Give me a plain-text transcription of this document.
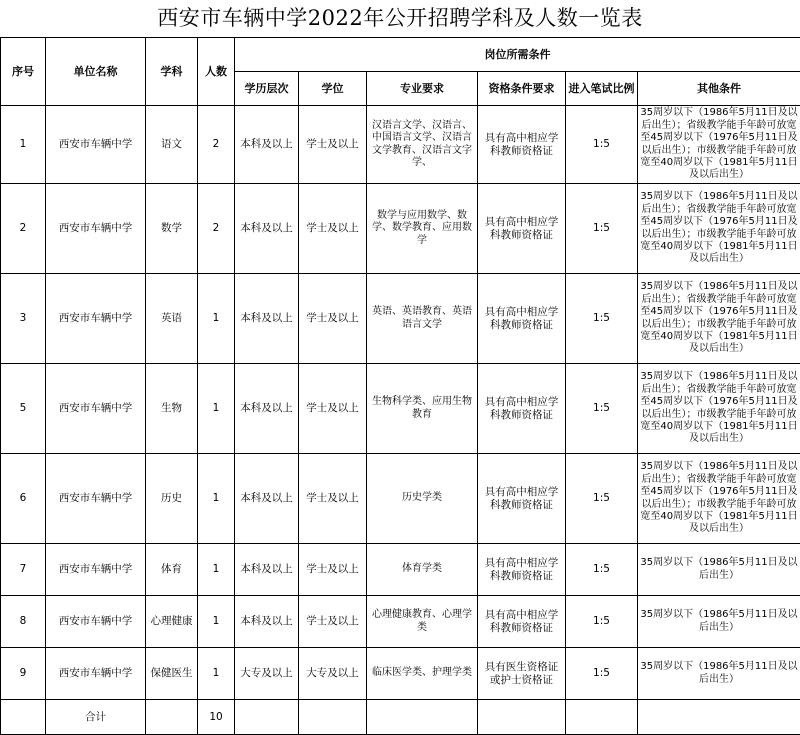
西安市车辆中学2022年公开招聘学科及人数一览表
序号	单位名称	学科	人数	岗位所需条件					
				学历层次	学位	专业要求	资格条件要求	进入笔试比例	其他条件
1	西安市车辆中学	语文	2	本科及以上	学士及以上	汉语言文学、汉语言、中国语言文学、汉语言文学教育、汉语言文字学、	具有高中相应学科教师资格证	1:5	35周岁以下（1986年5月11日及以后出生）；省级教学能手年龄可放宽至45周岁以下（1976年5月11日及以后出生）；市级教学能手年龄可放宽至40周岁以下（1981年5月11日及以后出生）
2	西安市车辆中学	数学	2	本科及以上	学士及以上	数学与应用数学、数学、数学教育、应用数学	具有高中相应学科教师资格证	1:5	35周岁以下（1986年5月11日及以后出生）；省级教学能手年龄可放宽至45周岁以下（1976年5月11日及以后出生）；市级教学能手年龄可放宽至40周岁以下（1981年5月11日及以后出生）
3	西安市车辆中学	英语	1	本科及以上	学士及以上	英语、英语教育、英语语言文学	具有高中相应学科教师资格证	1:5	35周岁以下（1986年5月11日及以后出生）；省级教学能手年龄可放宽至45周岁以下（1976年5月11日及以后出生）；市级教学能手年龄可放宽至40周岁以下（1981年5月11日及以后出生）
5	西安市车辆中学	生物	1	本科及以上	学士及以上	生物科学类、应用生物教育	具有高中相应学科教师资格证	1:5	35周岁以下（1986年5月11日及以后出生）；省级教学能手年龄可放宽至45周岁以下（1976年5月11日及以后出生）；市级教学能手年龄可放宽至40周岁以下（1981年5月11日及以后出生）
6	西安市车辆中学	历史	1	本科及以上	学士及以上	历史学类	具有高中相应学科教师资格证	1:5	35周岁以下（1986年5月11日及以后出生）；省级教学能手年龄可放宽至45周岁以下（1976年5月11日及以后出生）；市级教学能手年龄可放宽至40周岁以下（1981年5月11日及以后出生）
7	西安市车辆中学	体育	1	本科及以上	学士及以上	体育学类	具有高中相应学科教师资格证	1:5	35周岁以下（1986年5月11日及以后出生）
8	西安市车辆中学	心理健康	1	本科及以上	学士及以上	心理健康教育、心理学类	具有高中相应学科教师资格证	1:5	35周岁以下（1986年5月11日及以后出生）
9	西安市车辆中学	保健医生	1	大专及以上	大专及以上	临床医学类、护理学类	具有医生资格证或护士资格证	1:5	35周岁以下（1986年5月11日及以后出生）
	合计		10						
